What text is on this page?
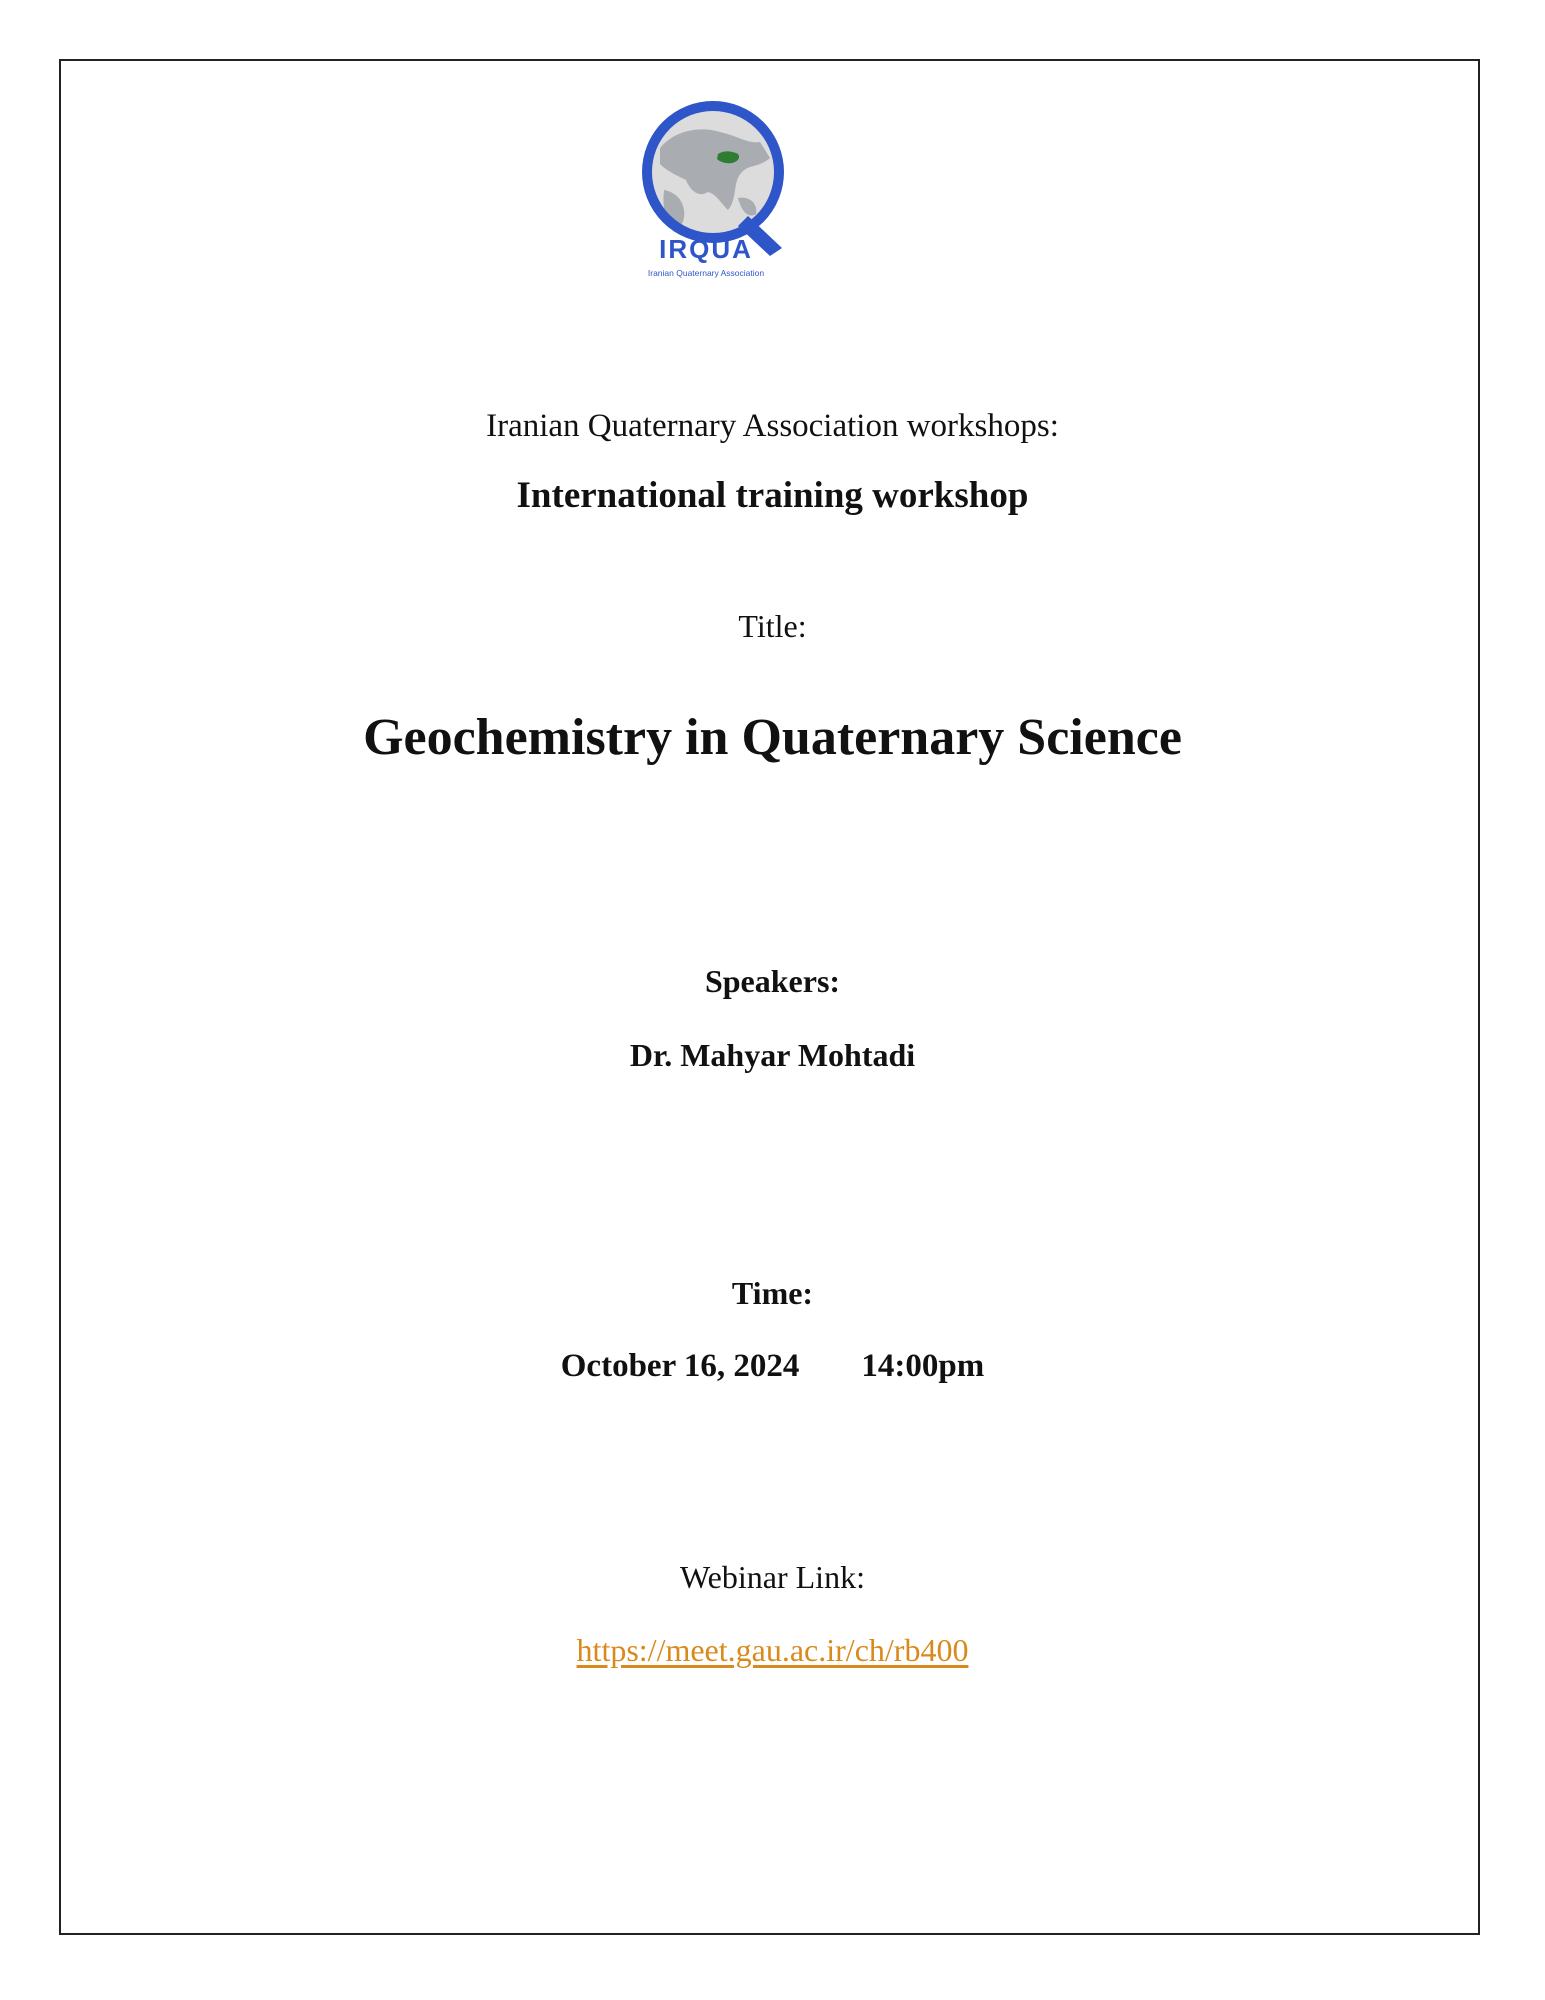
IRQUA
Iranian Quaternary Association
Iranian Quaternary Association workshops:
International training workshop
Title:
Geochemistry in Quaternary Science
Speakers:
Dr. Mahyar Mohtadi
Time:
October 16, 2024 14:00pm
Webinar Link:
https://meet.gau.ac.ir/ch/rb400
